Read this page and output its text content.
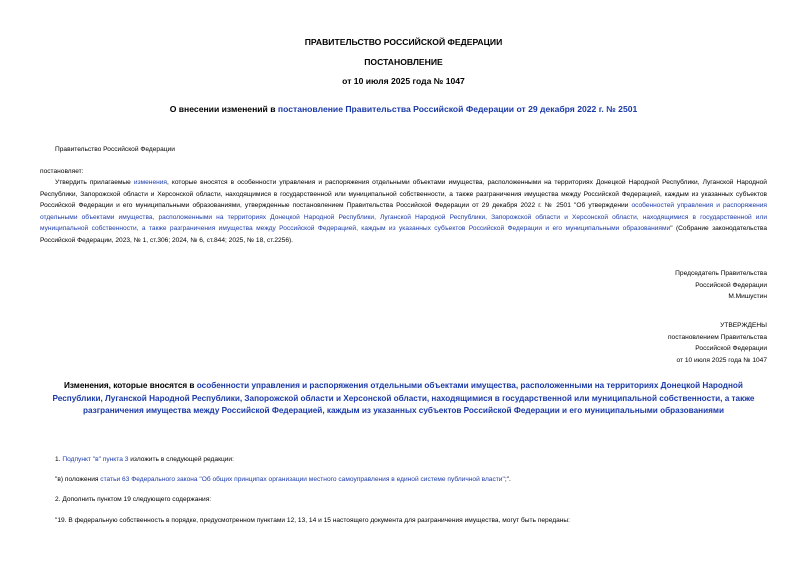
ПРАВИТЕЛЬСТВО РОССИЙСКОЙ ФЕДЕРАЦИИ
ПОСТАНОВЛЕНИЕ
от 10 июля 2025 года № 1047
О внесении изменений в постановление Правительства Российской Федерации от 29 декабря 2022 г. № 2501
Правительство Российской Федерации
постановляет:
Утвердить прилагаемые изменения, которые вносятся в особенности управления и распоряжения отдельными объектами имущества, расположенными на территориях Донецкой Народной Республики, Луганской Народной Республики, Запорожской области и Херсонской области, находящимися в государственной или муниципальной собственности, а также разграничения имущества между Российской Федерацией, каждым из указанных субъектов Российской Федерации и его муниципальными образованиями, утвержденные постановлением Правительства Российской Федерации от 29 декабря 2022 г. № 2501 "Об утверждении особенностей управления и распоряжения отдельными объектами имущества, расположенными на территориях Донецкой Народной Республики, Луганской Народной Республики, Запорожской области и Херсонской области, находящимися в государственной или муниципальной собственности, а также разграничения имущества между Российской Федерацией, каждым из указанных субъектов Российской Федерации и его муниципальными образованиями" (Собрание законодательства Российской Федерации, 2023, № 1, ст.306; 2024, № 6, ст.844; 2025, № 18, ст.2256).

Председатель Правительства

Российской Федерации

М.Мишустин

УТВЕРЖДЕНЫ

постановлением Правительства

Российской Федерации

от 10 июля 2025 года № 1047

Изменения, которые вносятся в особенности управления и распоряжения отдельными объектами имущества, расположенными на территориях Донецкой Народной Республики, Луганской Народной Республики, Запорожской области и Херсонской области, находящимися в государственной или муниципальной собственности, а также разграничения имущества между Российской Федерацией, каждым из указанных субъектов Российской Федерации и его муниципальными образованиями
1. Подпункт "в" пункта 3 изложить в следующей редакции:
"в) положения статьи 63 Федерального закона "Об общих принципах организации местного самоуправления в единой системе публичной власти";".
2. Дополнить пунктом 19 следующего содержания:
"19. В федеральную собственность в порядке, предусмотренном пунктами 12, 13, 14 и 15 настоящего документа для разграничения имущества, могут быть переданы:
